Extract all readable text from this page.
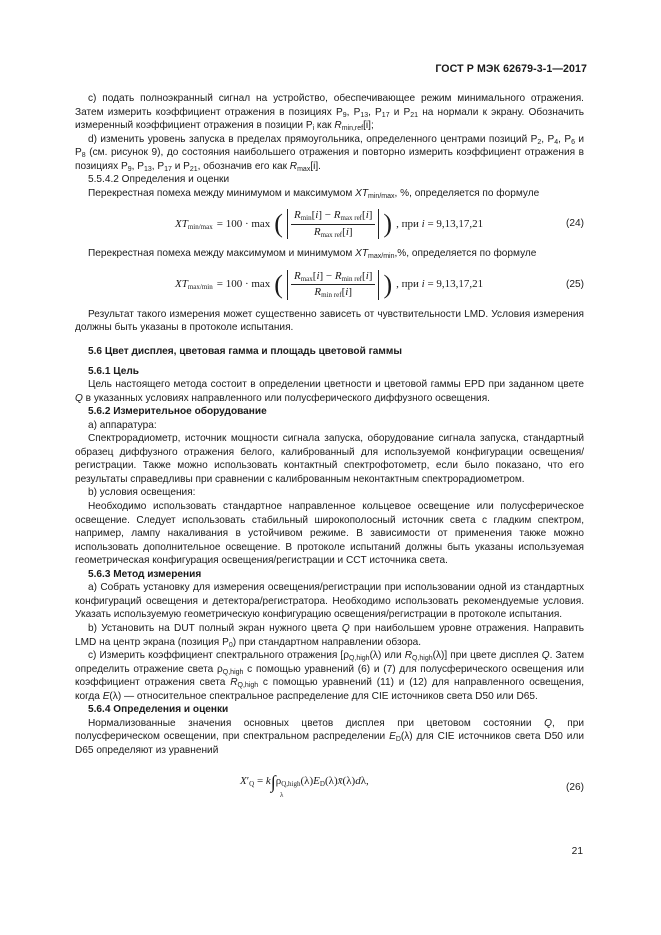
ГОСТ Р МЭК 62679-3-1—2017

c) подать полноэкранный сигнал на устройство, обеспечивающее режим минимального отражения. Затем измерить коэффициент отражения в позициях $P_9$, $P_{13}$, $P_{17}$ и $P_{21}$ на нормали к экрану. Обозначить измеренный коэффициент отражения в позиции $P_i$ как $R_{min,ref}[i]$;

d) изменить уровень запуска в пределах прямоугольника, определенного центрами позиций $P_2$, $P_4$, $P_6$ и $P_8$ (см. рисунок 9), до состояния наибольшего отражения и повторно измерить коэффициент отражения в позициях $P_9$, $P_{13}$, $P_{17}$ и $P_{21}$, обозначив его как $R_{max}[i]$.

5.5.4.2 Определения и оценки

Перекрестная помеха между минимумом и максимумом $XT_{min/max}$, %, определяется по формуле

$XT_{min/max} = 100 \cdot \max$ ( $\frac{R_{min}[i] - R_{max ref}[i]}{R_{max ref}[i]}$ ) , при i = 9,13,17,21	(24)

Перекрестная помеха между максимумом и минимумом $XT_{max/min},\%$, определяется по формуле

$XT_{max/min} = 100 \cdot \max$ ( $\frac{R_{max}[i] - R_{min ref}[i]}{R_{min ref}[i]}$ ) , при i = 9,13,17,21	(25)

Результат такого измерения может существенно зависеть от чувствительности LMD. Условия измерения должны быть указаны в протоколе испытания.

5.6 Цвет дисплея, цветовая гамма и площадь цветовой гаммы

5.6.1 Цель

Цель настоящего метода состоит в определении цветности и цветовой гаммы EPD при заданном цвете Q в указанных условиях направленного или полусферического диффузного освещения.

5.6.2 Измерительное оборудование

а) аппаратура:

Спектрорадиометр, источник мощности сигнала запуска, оборудование сигнала запуска, стандартный образец диффузного отражения белого, калиброванный для используемой конфигурации освещения/регистрации. Также можно использовать контактный спектрофотометр, если было показано, что его результаты справедливы при сравнении с калиброванным неконтактным спектрорадиометром.

b) условия освещения:

Необходимо использовать стандартное направленное кольцевое освещение или полусферическое освещение. Следует использовать стабильный широкополосный источник света с гладким спектром, например, лампу накаливания в устойчивом режиме. В зависимости от применения также можно использовать дополнительное освещение. В протоколе испытаний должны быть указаны используемая геометрическая конфигурация освещения/регистрации и CCT источника света.

5.6.3 Метод измерения

а) Собрать установку для измерения освещения/регистрации при использовании одной из стандартных конфигураций освещения и детектора/регистратора. Необходимо использовать рекомендуемые условия. Указать используемую геометрическую конфигурацию освещения/регистрации в протоколе испытания.

b) Установить на DUT полный экран нужного цвета Q при наибольшем уровне отражения. Направить LMD на центр экрана (позиция $P_0$) при стандартном направлении обзора.

c) Измерить коэффициент спектрального отражения [$\rho_{Q,high}(\lambda)$ или $R_{Q,high}(\lambda)$] при цвете дисплея Q. Затем определить отражение света $\rho_{Q,high}$ с помощью уравнений (6) и (7) для полусферического освещения или коэффициент отражения света $R_{Q,high}$ с помощью уравнений (11) и (12) для направленного освещения, когда E(λ) — относительное спектральное распределение для CIE источников света D50 или D65.

5.6.4 Определения и оценки

Нормализованные значения основных цветов дисплея при цветовом состоянии Q, при полусферическом освещении, при спектральном распределении $E_D(\lambda)$ для CIE источников света D50 или D65 определяют из уравнений

$X'_Q$ = $k\int\rho_{Q,high}(\lambda)E_D(\lambda)x̄(\lambda)d\lambda$,
λ
(26)
21
